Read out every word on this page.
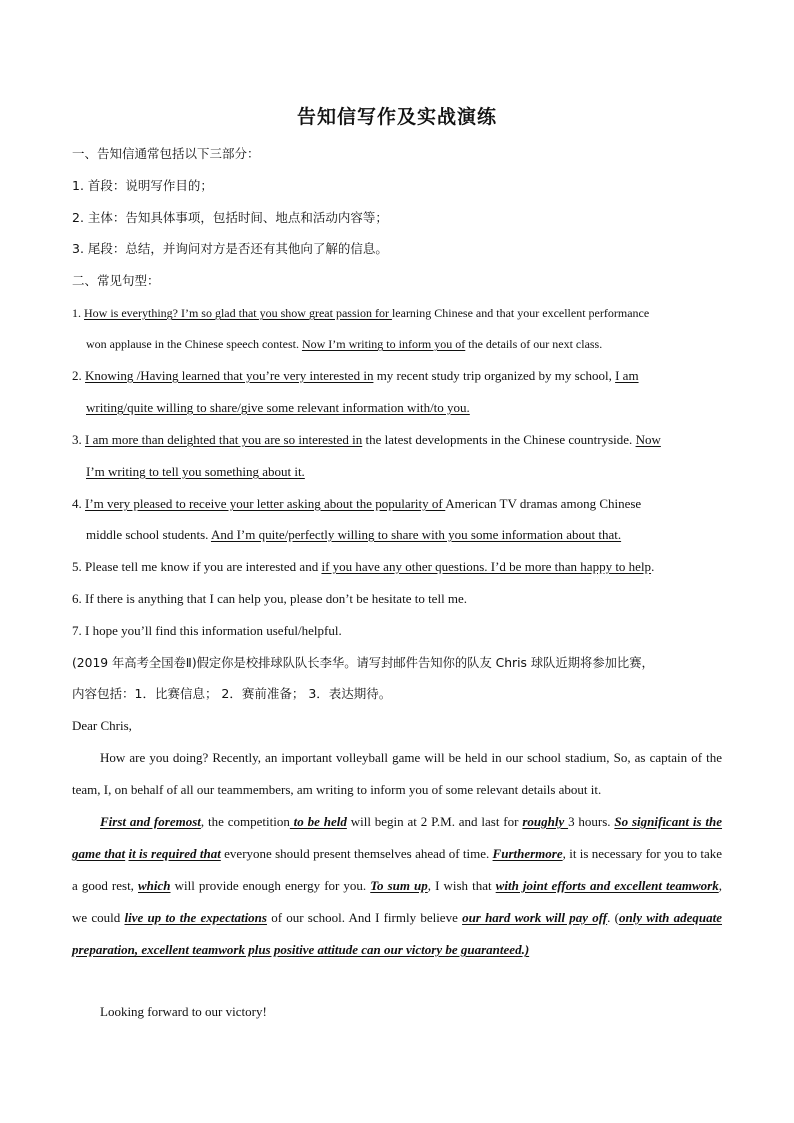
告知信写作及实战演练
一、告知信通常包括以下三部分：
1. 首段：说明写作目的；
2. 主体：告知具体事项，包括时间、地点和活动内容等；
3. 尾段：总结，并询问对方是否还有其他向了解的信息。
二、常见句型：
1. How is everything? I’m so glad that you show great passion for learning Chinese and that your excellent performance
won applause in the Chinese speech contest. Now I’m writing to inform you of the details of our next class.
2. Knowing /Having learned that you’re very interested in my recent study trip organized by my school, I am
writing/quite willing to share/give some relevant information with/to you.
3. I am more than delighted that you are so interested in the latest developments in the Chinese countryside. Now
I’m writing to tell you something about it.
4. I’m very pleased to receive your letter asking about the popularity of American TV dramas among Chinese
middle school students. And I’m quite/perfectly willing to share with you some information about that.
5. Please tell me know if you are interested and if you have any other questions. I’d be more than happy to help.
6. If there is anything that I can help you, please don’t be hesitate to tell me.
7. I hope you’ll find this information useful/helpful.
(2019 年高考全国卷Ⅱ)假定你是校排球队队长李华。请写封邮件告知你的队友 Chris 球队近期将参加比赛，
内容包括：1．比赛信息； 2．赛前准备； 3．表达期待。
Dear Chris,
How are you doing? Recently, an important volleyball game will be held in our school stadium, So, as captain of the team, I, on behalf of all our teammembers, am writing to inform you of some relevant details about it.
First and foremost, the competition to be held will begin at 2 P.M. and last for roughly 3 hours. So significant is the game that it is required that everyone should present themselves ahead of time. Furthermore, it is necessary for you to take a good rest, which will provide enough energy for you. To sum up, I wish that with joint efforts and excellent teamwork, we could live up to the expectations of our school. And I firmly believe our hard work will pay off. (only with adequate preparation, excellent teamwork plus positive attitude can our victory be guaranteed.)
Looking forward to our victory!
